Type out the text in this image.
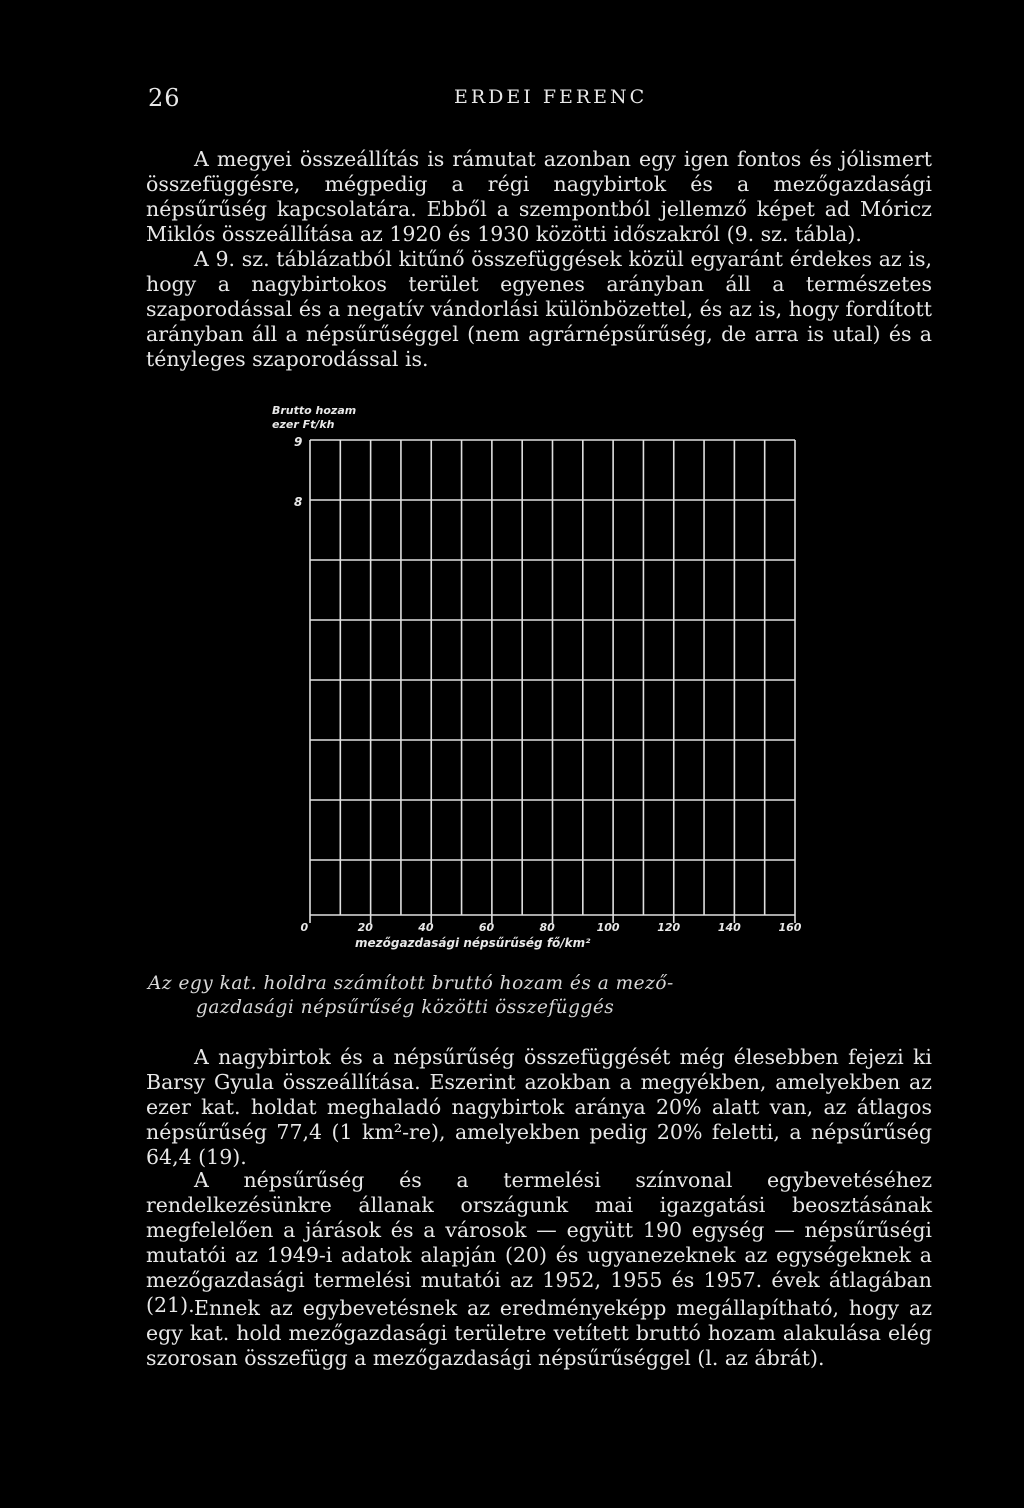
26	ERDEI FERENC

A megyei összeállítás is rámutat azonban egy igen fontos és jólismert összefüggésre, mégpedig a régi nagybirtok és a mezőgazdasági népsűrűség kapcsolatára. Ebből a szempontból jellemző képet ad Móricz Miklós összeállítása az 1920 és 1930 közötti időszakról (9. sz. tábla).

A 9. sz. táblázatból kitűnő összefüggések közül egyaránt érdekes az is, hogy a nagybirtokos terület egyenes arányban áll a természetes szaporodással és a negatív vándorlási különbözettel, és az is, hogy fordított arányban áll a népsűrűséggel (nem agrárnépsűrűség, de arra is utal) és a tényleges szaporodással is.

Brutto hozam
ezer Ft/kh
9
8
0	20	40	60	80	100	120	140	160
mezőgazdasági népsűrűség fő/km²
Az egy kat. holdra számított bruttó hozam és a mező-
gazdasági népsűrűség közötti összefüggés

A nagybirtok és a népsűrűség összefüggését még élesebben fejezi ki Barsy Gyula összeállítása. Eszerint azokban a megyékben, amelyekben az ezer kat. holdat meghaladó nagybirtok aránya 20% alatt van, az átlagos népsűrűség 77,4 (1 km²-re), amelyekben pedig 20% feletti, a népsűrűség 64,4 (19).

A népsűrűség és a termelési színvonal egybevetéséhez rendelkezésünkre állanak országunk mai igazgatási beosztásának megfelelően a járások és a városok — együtt 190 egység — népsűrűségi mutatói az 1949-i adatok alapján (20) és ugyanezeknek az egységeknek a mezőgazdasági termelési mutatói az 1952, 1955 és 1957. évek átlagában (21). Ennek az egybevetésnek az eredményeképp megállapítható, hogy az egy kat. hold mezőgazdasági területre vetített bruttó hozam alakulása elég szorosan összefügg a mezőgazdasági népsűrűséggel (l. az ábrát).
